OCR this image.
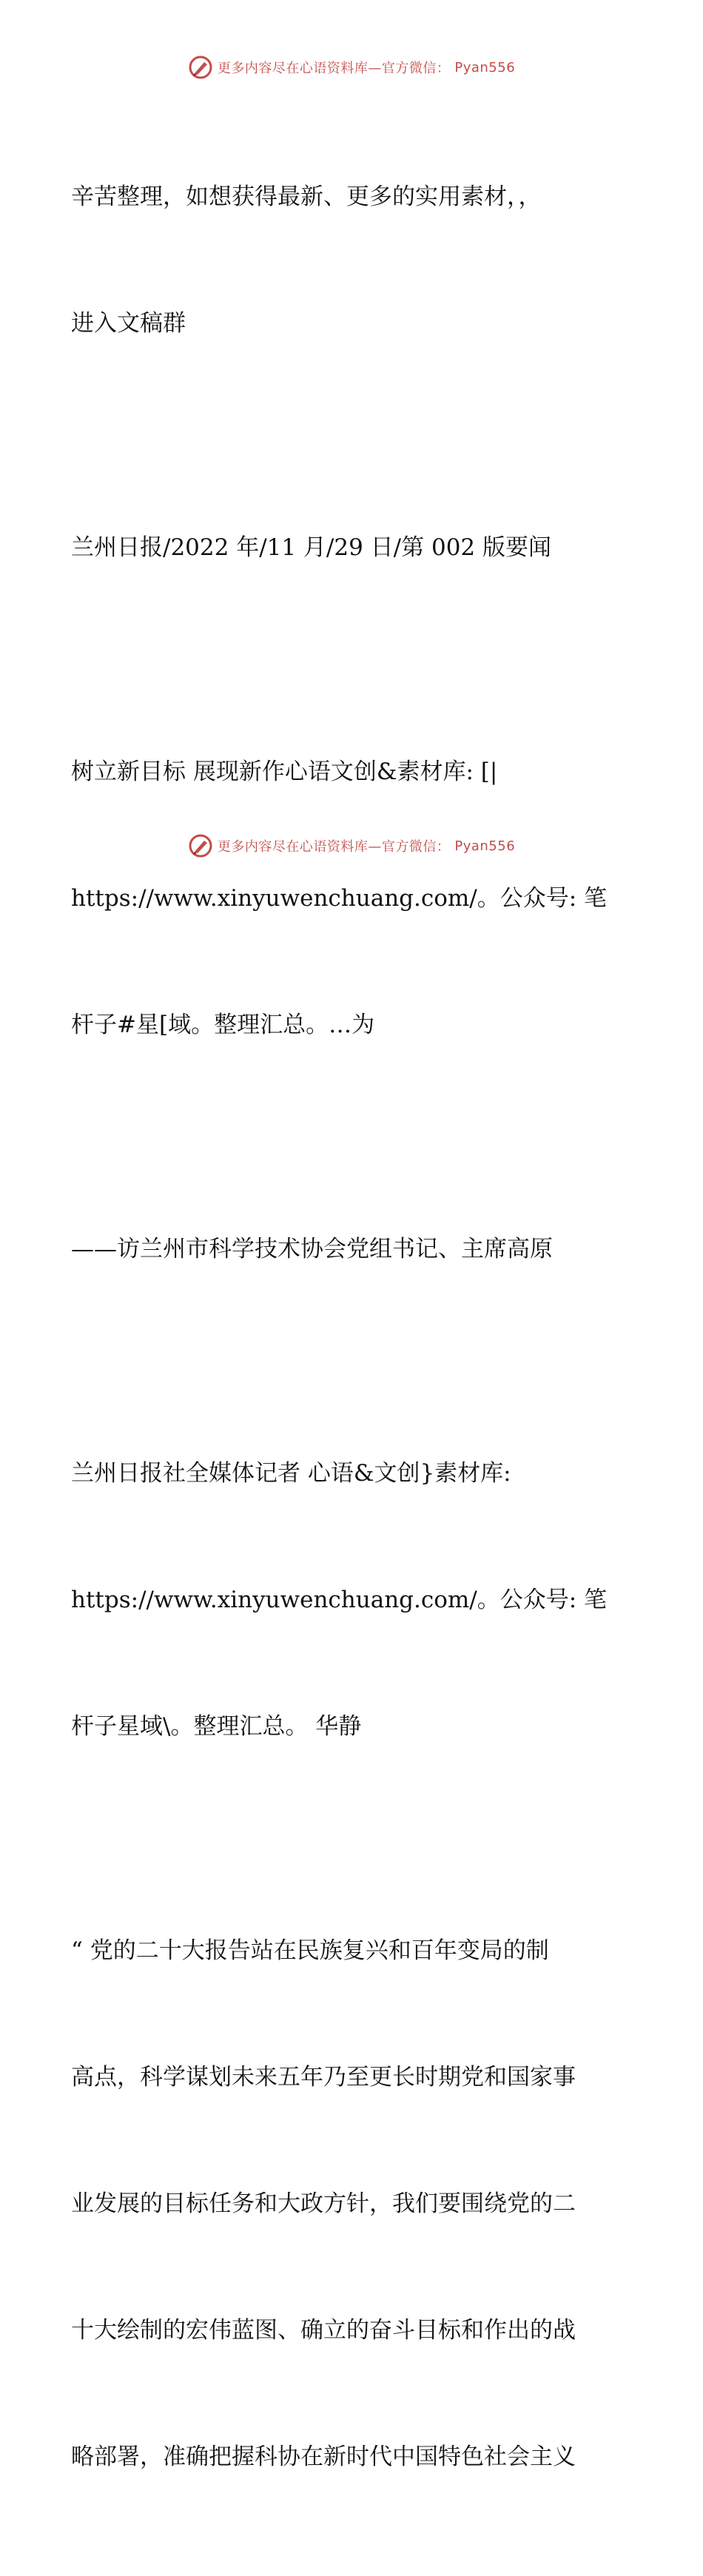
更多内容尽在心语资料库—官方微信： Pyan556

辛苦整理，如想获得最新、更多的实用素材，，

进入文稿群

兰州日报/2022 年/11 月/29 日/第 002 版要闻

树立新目标 展现新作心语文创&素材库: [|

https://www.xinyuwenchuang.com/。公众号: 笔

杆子#星[域。整理汇总。…为

——访兰州市科学技术协会党组书记、主席高原

兰州日报社全媒体记者 心语&文创}素材库:

https://www.xinyuwenchuang.com/。公众号: 笔

杆子星域\。整理汇总。 华静

“ 党的二十大报告站在民族复兴和百年变局的制

高点，科学谋划未来五年乃至更长时期党和国家事

业发展的目标任务和大政方针，我们要围绕党的二

十大绘制的宏伟蓝图、确立的奋斗目标和作出的战

略部署，准确把握科协在新时代中国特色社会主义

更多内容尽在心语资料库—官方微信： Pyan556
